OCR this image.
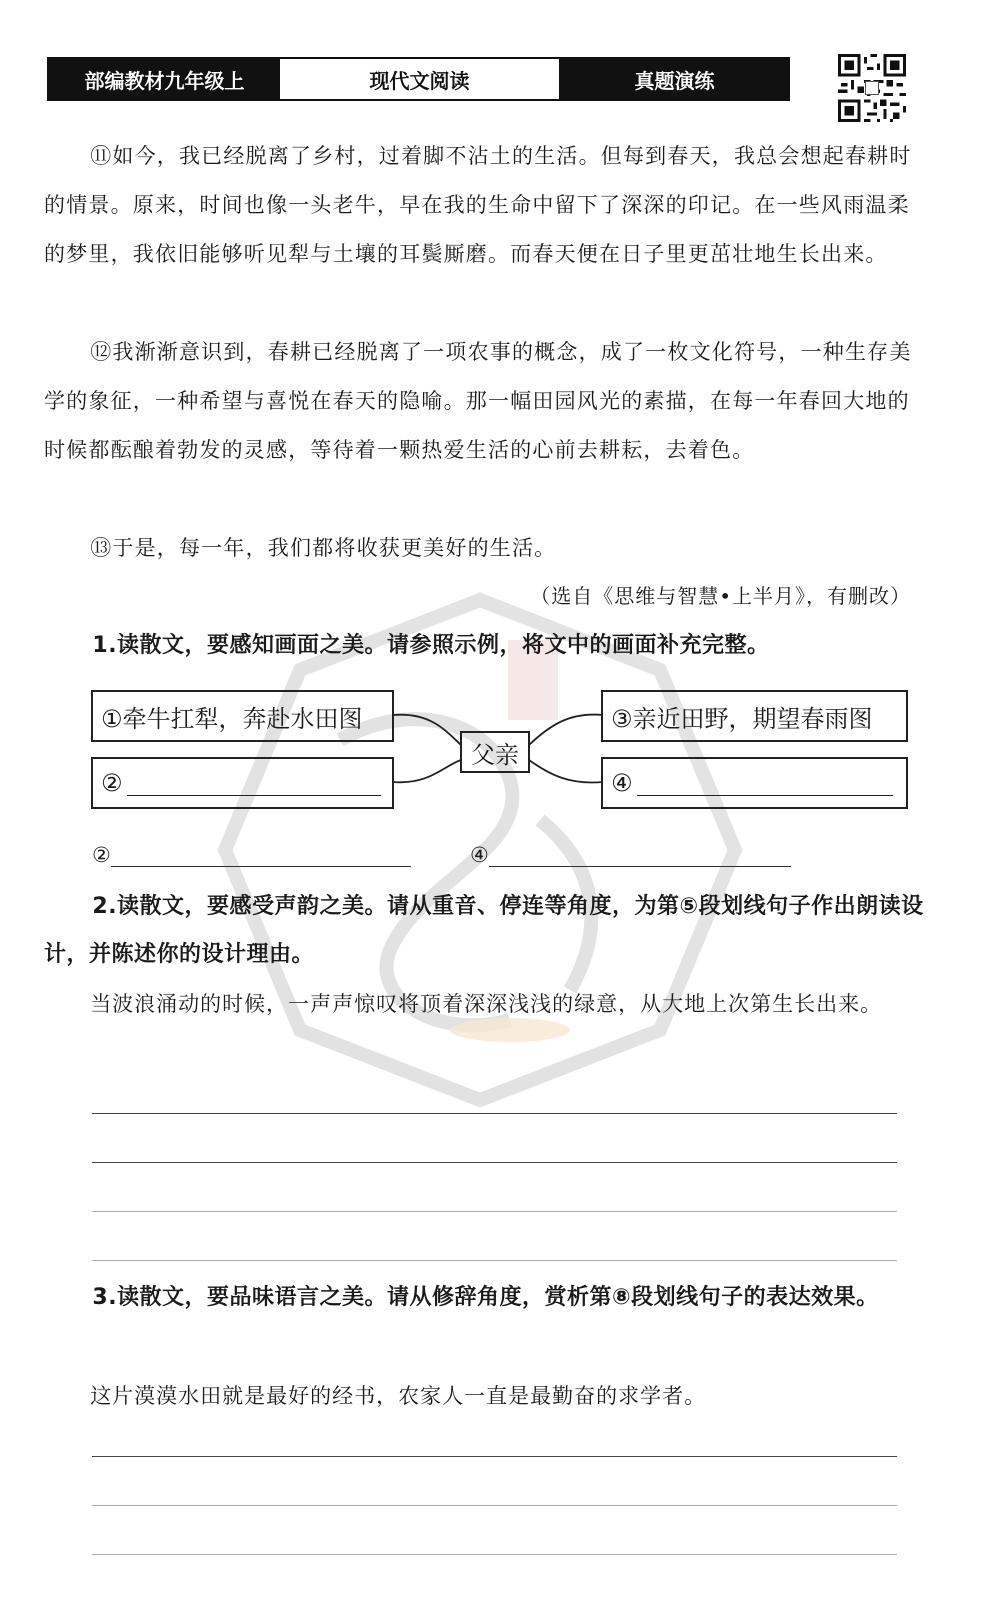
部编教材九年级上	现代文阅读	真题演练

⑪如今，我已经脱离了乡村，过着脚不沾土的生活。但每到春天，我总会想起春耕时的情景。原来，时间也像一头老牛，早在我的生命中留下了深深的印记。在一些风雨温柔的梦里，我依旧能够听见犁与土壤的耳鬓厮磨。而春天便在日子里更茁壮地生长出来。

⑫我渐渐意识到，春耕已经脱离了一项农事的概念，成了一枚文化符号，一种生存美学的象征，一种希望与喜悦在春天的隐喻。那一幅田园风光的素描，在每一年春回大地的时候都酝酿着勃发的灵感，等待着一颗热爱生活的心前去耕耘，去着色。

⑬于是，每一年，我们都将收获更美好的生活。

（选自《思维与智慧•上半月》，有删改）

1.读散文，要感知画面之美。请参照示例，将文中的画面补充完整。

①牵牛扛犁，奔赴水田图
②
父亲
③亲近田野，期望春雨图
④
②	④

2.读散文，要感受声韵之美。请从重音、停连等角度，为第⑤段划线句子作出朗读设计，并陈述你的设计理由。

当波浪涌动的时候，一声声惊叹将顶着深深浅浅的绿意，从大地上次第生长出来。

3.读散文，要品味语言之美。请从修辞角度，赏析第⑧段划线句子的表达效果。

这片漠漠水田就是最好的经书，农家人一直是最勤奋的求学者。
